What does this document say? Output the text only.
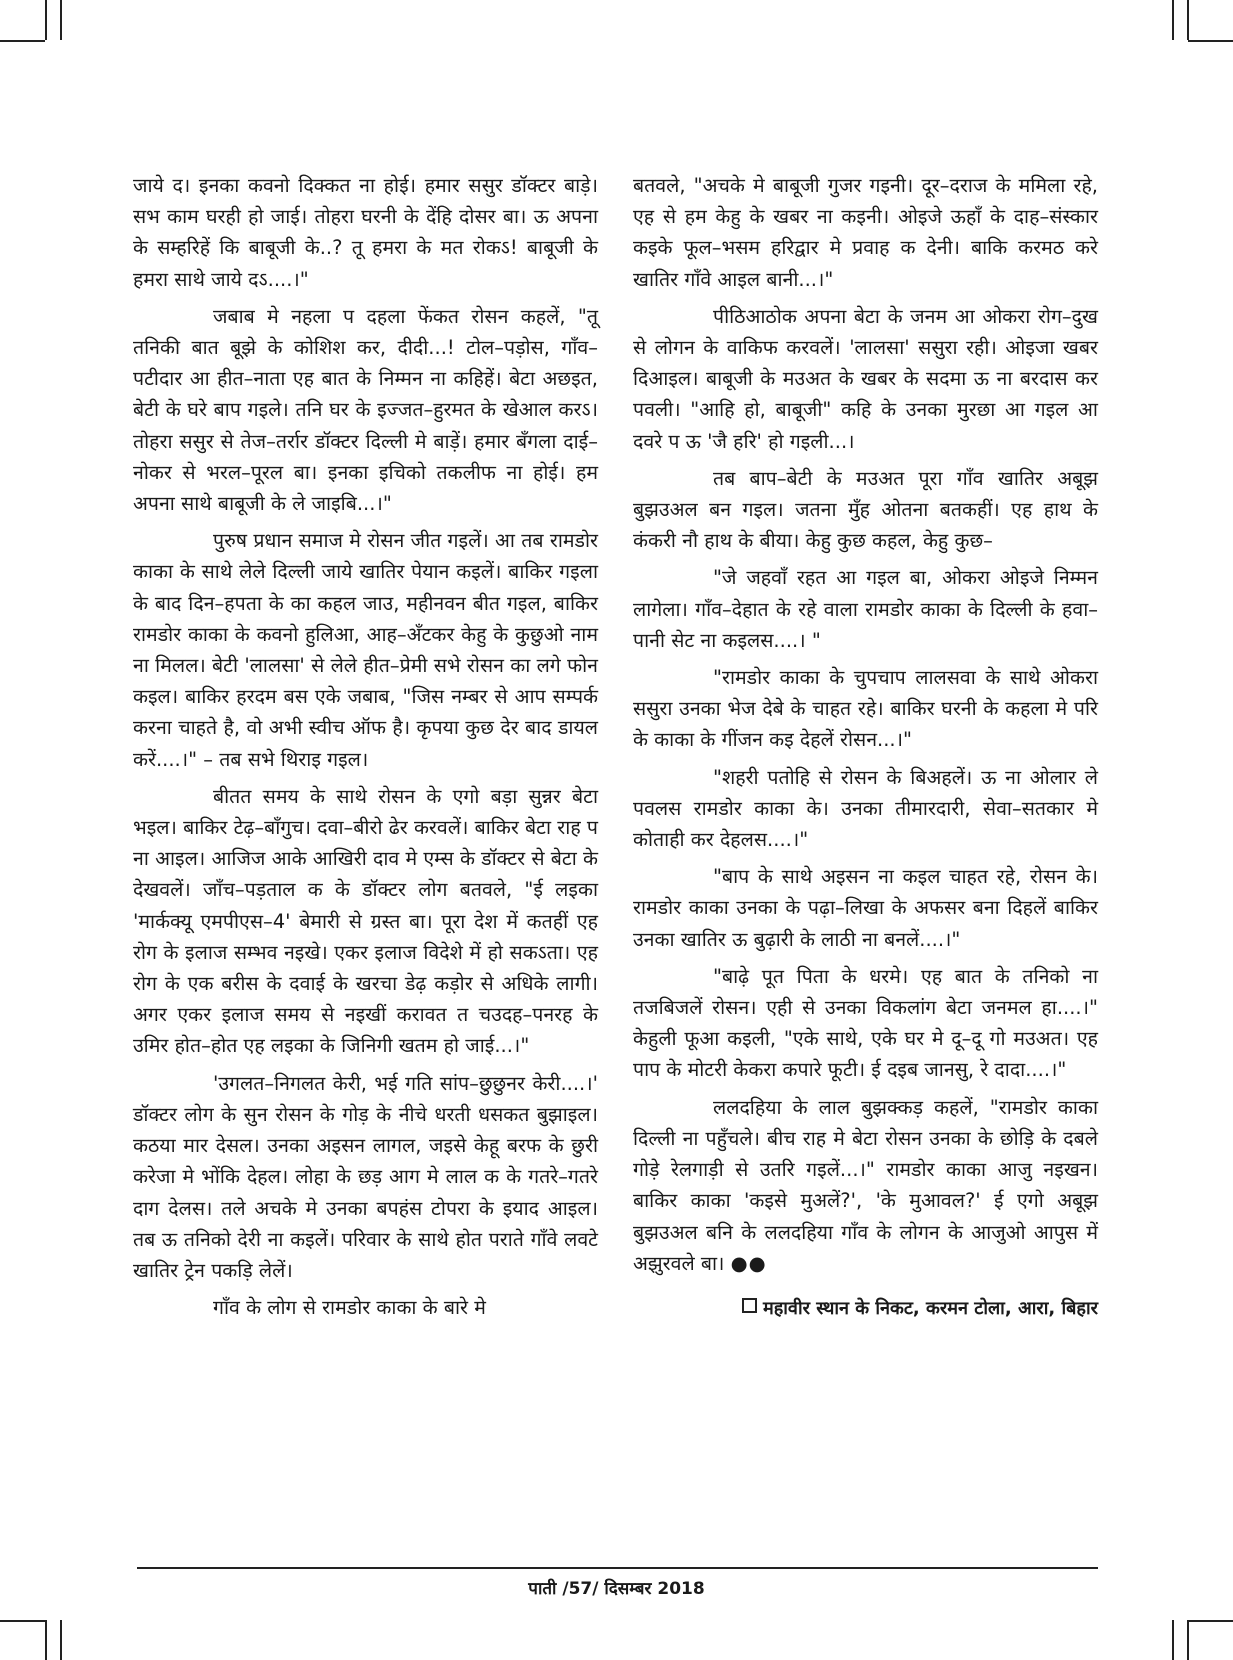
जाये द। इनका कवनो दिक्कत ना होई। हमार ससुर डॉक्टर बाड़े। सभ काम घरही हो जाई। तोहरा घरनी के देंहि दोसर बा। ऊ अपना के सम्हरिहें कि बाबूजी के..? तू हमरा के मत रोकऽ! बाबूजी के हमरा साथे जाये दऽ....।"

जबाब मे नहला प दहला फेंकत रोसन कहलें, "तू तनिकी बात बूझे के कोशिश कर, दीदी...! टोल–पड़ोस, गाँव–पटीदार आ हीत–नाता एह बात के निम्मन ना कहिहें। बेटा अछइत, बेटी के घरे बाप गइले। तनि घर के इज्जत–हुरमत के खेआल करऽ। तोहरा ससुर से तेज–तर्रार डॉक्टर दिल्ली मे बाड़ें। हमार बँगला दाई–नोकर से भरल–पूरल बा। इनका इचिको तकलीफ ना होई। हम अपना साथे बाबूजी के ले जाइबि...।"

पुरुष प्रधान समाज मे रोसन जीत गइलें। आ तब रामडोर काका के साथे लेले दिल्ली जाये खातिर पेयान कइलें। बाकिर गइला के बाद दिन–हपता के का कहल जाउ, महीनवन बीत गइल, बाकिर रामडोर काका के कवनो हुलिआ, आह–अँटकर केहु के कुछुओ नाम ना मिलल। बेटी 'लालसा' से लेले हीत–प्रेमी सभे रोसन का लगे फोन कइल। बाकिर हरदम बस एके जबाब, "जिस नम्बर से आप सम्पर्क करना चाहते है, वो अभी स्वीच ऑफ है। कृपया कुछ देर बाद डायल करें....।" – तब सभे थिराइ गइल।

बीतत समय के साथे रोसन के एगो बड़ा सुन्नर बेटा भइल। बाकिर टेढ़–बाँगुच। दवा–बीरो ढेर करवलें। बाकिर बेटा राह प ना आइल। आजिज आके आखिरी दाव मे एम्स के डॉक्टर से बेटा के देखवलें। जाँच–पड़ताल क के डॉक्टर लोग बतवले, "ई लइका 'मार्कक्यू एमपीएस–4' बेमारी से ग्रस्त बा। पूरा देश में कतहीं एह रोग के इलाज सम्भव नइखे। एकर इलाज विदेशे में हो सकऽता। एह रोग के एक बरीस के दवाई के खरचा डेढ़ कड़ोर से अधिके लागी। अगर एकर इलाज समय से नइखीं करावत त चउदह–पनरह के उमिर होत–होत एह लइका के जिनिगी खतम हो जाई...।"

'उगलत–निगलत केरी, भई गति सांप–छुछुनर केरी....।' डॉक्टर लोग के सुन रोसन के गोड़ के नीचे धरती धसकत बुझाइल। कठया मार देसल। उनका अइसन लागल, जइसे केहू बरफ के छुरी करेजा मे भोंकि देहल। लोहा के छड़ आग मे लाल क के गतरे–गतरे दाग देलस। तले अचके मे उनका बपहंस टोपरा के इयाद आइल। तब ऊ तनिको देरी ना कइलें। परिवार के साथे होत पराते गाँवे लवटे खातिर ट्रेन पकड़ि लेलें।

गाँव के लोग से रामडोर काका के बारे मे

बतवले, "अचके मे बाबूजी गुजर गइनी। दूर–दराज के ममिला रहे, एह से हम केहु के खबर ना कइनी। ओइजे ऊहाँ के दाह–संस्कार कइके फूल–भसम हरिद्वार मे प्रवाह क देनी। बाकि करमठ करे खातिर गाँवे आइल बानी...।"

पीठिआठोक अपना बेटा के जनम आ ओकरा रोग–दुख से लोगन के वाकिफ करवलें। 'लालसा' ससुरा रही। ओइजा खबर दिआइल। बाबूजी के मउअत के खबर के सदमा ऊ ना बरदास कर पवली। "आहि हो, बाबूजी" कहि के उनका मुरछा आ गइल आ दवरे प ऊ 'जै हरि' हो गइली...।

तब बाप–बेटी के मउअत पूरा गाँव खातिर अबूझ बुझउअल बन गइल। जतना मुँह ओतना बतकहीं। एह हाथ के कंकरी नौ हाथ के बीया। केहु कुछ कहल, केहु कुछ–

"जे जहवाँ रहत आ गइल बा, ओकरा ओइजे निम्मन लागेला। गाँव–देहात के रहे वाला रामडोर काका के दिल्ली के हवा–पानी सेट ना कइलस....। "

"रामडोर काका के चुपचाप लालसवा के साथे ओकरा ससुरा उनका भेज देबे के चाहत रहे। बाकिर घरनी के कहला मे परि के काका के गींजन कइ देहलें रोसन...।"

"शहरी पतोहि से रोसन के बिअहलें। ऊ ना ओलार ले पवलस रामडोर काका के। उनका तीमारदारी, सेवा–सतकार मे कोताही कर देहलस....।"

"बाप के साथे अइसन ना कइल चाहत रहे, रोसन के। रामडोर काका उनका के पढ़ा–लिखा के अफसर बना दिहलें बाकिर उनका खातिर ऊ बुढ़ारी के लाठी ना बनलें....।"

"बाढ़े पूत पिता के धरमे। एह बात के तनिको ना तजबिजलें रोसन। एही से उनका विकलांग बेटा जनमल हा....।" केहुली फूआ कइली, "एके साथे, एके घर मे दू–दू गो मउअत। एह पाप के मोटरी केकरा कपारे फूटी। ई दइब जानसु, रे दादा....।"

ललदहिया के लाल बुझक्कड़ कहलें, "रामडोर काका दिल्ली ना पहुँचले। बीच राह मे बेटा रोसन उनका के छोड़ि के दबले गोड़े रेलगाड़ी से उतरि गइलें...।" रामडोर काका आजु नइखन। बाकिर काका 'कइसे मुअलें?', 'के मुआवल?' ई एगो अबूझ बुझउअल बनि के ललदहिया गाँव के लोगन के आजुओ आपुस में अझुरवले बा। ●●

महावीर स्थान के निकट, करमन टोला, आरा, बिहार
पाती /57/ दिसम्बर 2018
